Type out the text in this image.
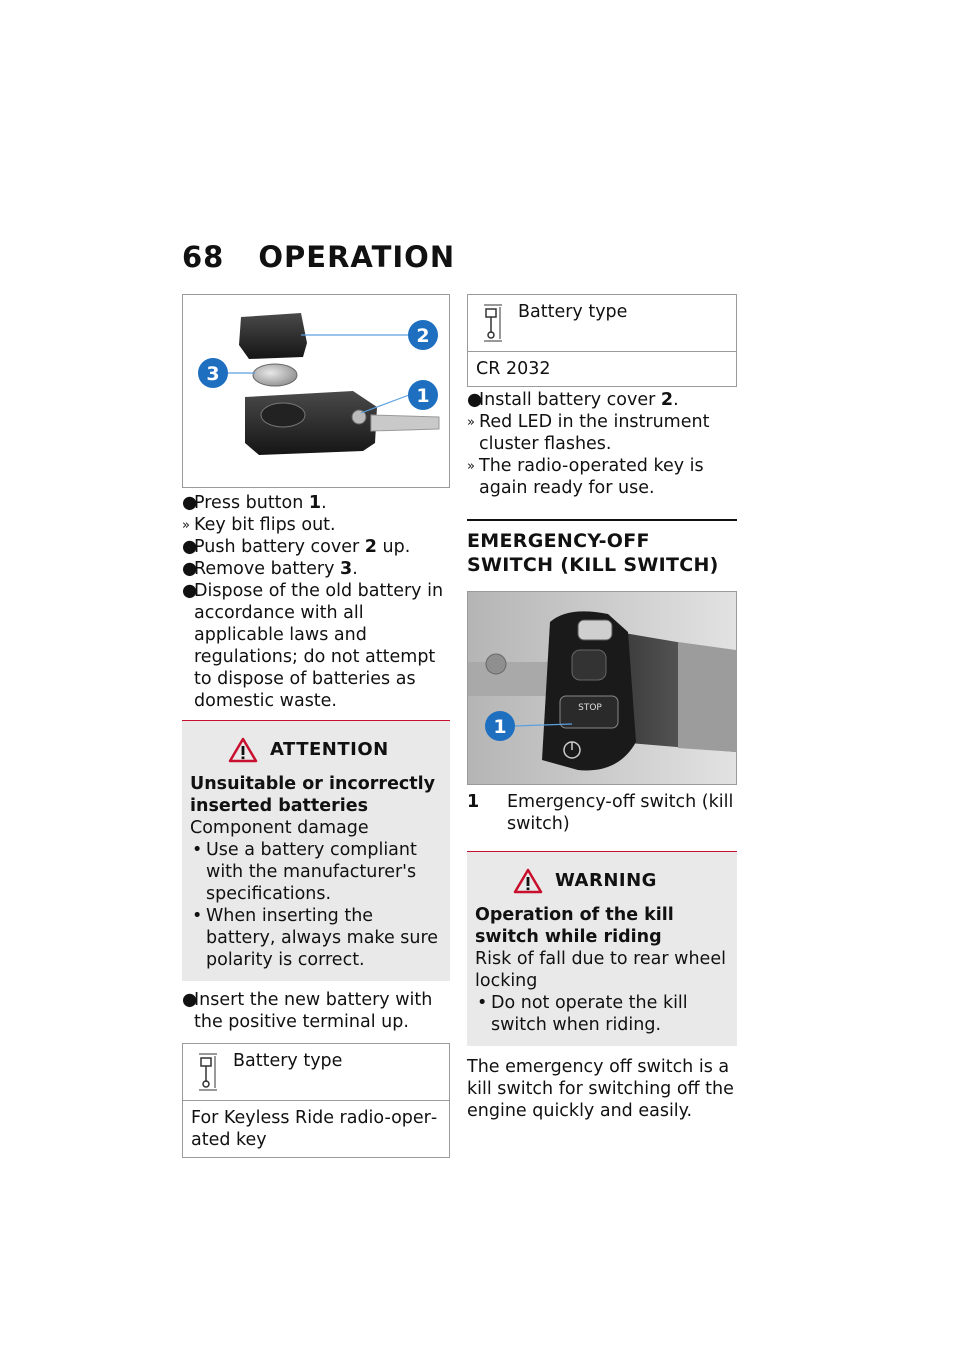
68 OPERATION
2
3
1

●
Press button 1.

» Key bit flips out.

●
Push battery cover 2 up.

●
Remove battery 3.

●
Dispose of the old battery in accordance with all applicable laws and regulations; do not attempt to dispose of batteries as domestic waste.

ATTENTION

Unsuitable or incorrectly inserted batteries

Component damage

• Use a battery compliant with the manufacturer's specifications.

• When inserting the battery, always make sure polarity is correct.

●
Insert the new battery with the positive terminal up.

Battery type
For Keyless Ride radio-operated key
Battery type
CR 2032

●
Install battery cover 2.

» Red LED in the instrument cluster flashes.

» The radio-operated key is again ready for use.

EMERGENCY-OFF SWITCH (KILL SWITCH)
STOP
1
1	Emergency-off switch (kill switch)
WARNING

Operation of the kill switch while riding

Risk of fall due to rear wheel locking

• Do not operate the kill switch when riding.

The emergency off switch is a kill switch for switching off the engine quickly and easily.
